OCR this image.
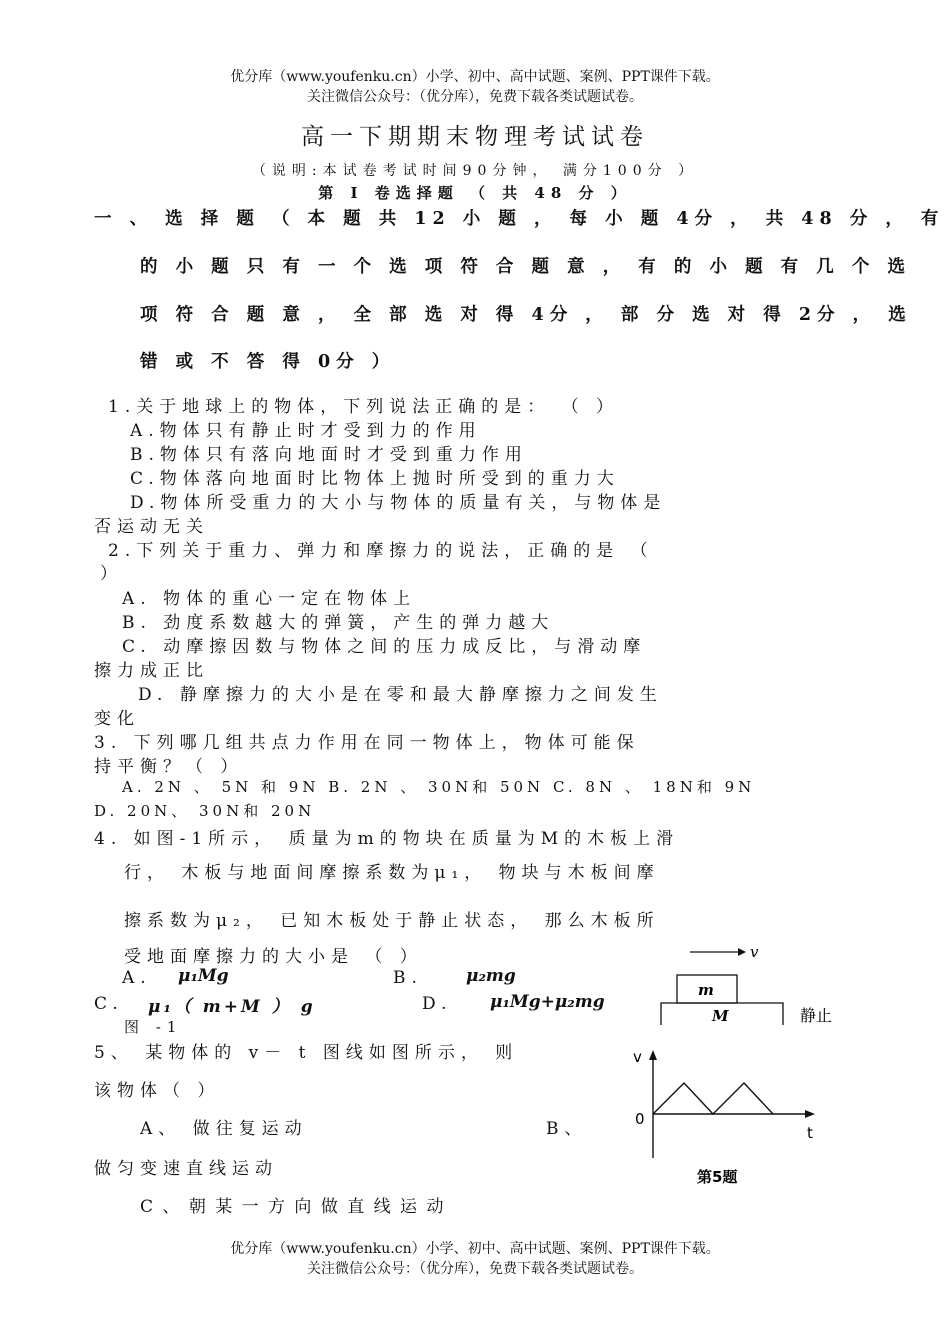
优分库（www.youfenku.cn）小学、初中、高中试题、案例、PPT课件下载。
关注微信公众号：（优分库），免费下载各类试题试卷。
高一下期期末物理考试试卷
（说明:本试卷考试时间90分钟， 满分100分 ）
第 Ⅰ 卷选择题 （ 共 48 分 ）
一 、 选 择 题 （ 本 题 共 12 小 题 ， 每 小 题 4分 ， 共 48 分 ， 有
的 小 题 只 有 一 个 选 项 符 合 题 意 ， 有 的 小 题 有 几 个 选
项 符 合 题 意 ， 全 部 选 对 得 4分 ， 部 分 选 对 得 2分 ， 选
错 或 不 答 得 0分 ）
1.关于地球上的物体，下列说法正确的是： （ ）
A.物体只有静止时才受到力的作用
B.物体只有落向地面时才受到重力作用
C.物体落向地面时比物体上抛时所受到的重力大
D.物体所受重力的大小与物体的质量有关，与物体是
否运动无关
2.下列关于重力、弹力和摩擦力的说法，正确的是 （
）
A. 物体的重心一定在物体上
B. 劲度系数越大的弹簧，产生的弹力越大
C. 动摩擦因数与物体之间的压力成反比，与滑动摩
擦力成正比
D. 静摩擦力的大小是在零和最大静摩擦力之间发生
变化
3. 下列哪几组共点力作用在同一物体上，物体可能保
持平衡？（ ）
A. 2N 、 5N 和 9N B. 2N 、 30N和 50N C. 8N 、 18N和 9N
D. 20N、 30N和 20N
4. 如图-1所示， 质量为m的物块在质量为M的木板上滑
行， 木板与地面间摩擦系数为μ₁， 物块与木板间摩
擦系数为μ₂， 已知木板处于静止状态， 那么木板所
受地面摩擦力的大小是 （ ）
A. μ₁Mg	B.	μ₂mg
C. μ₁（ m+M ） g	D. μ₁Mg+μ₂mg
图 -1
v
m
M	静止
5、 某物体的 v－ t 图线如图所示， 则
该物体（ ）
A、 做往复运动	B、
做匀变速直线运动
C 、 朝 某 一 方 向 做 直 线 运 动
v
0
t
第5题
优分库（www.youfenku.cn）小学、初中、高中试题、案例、PPT课件下载。
关注微信公众号：（优分库），免费下载各类试题试卷。
